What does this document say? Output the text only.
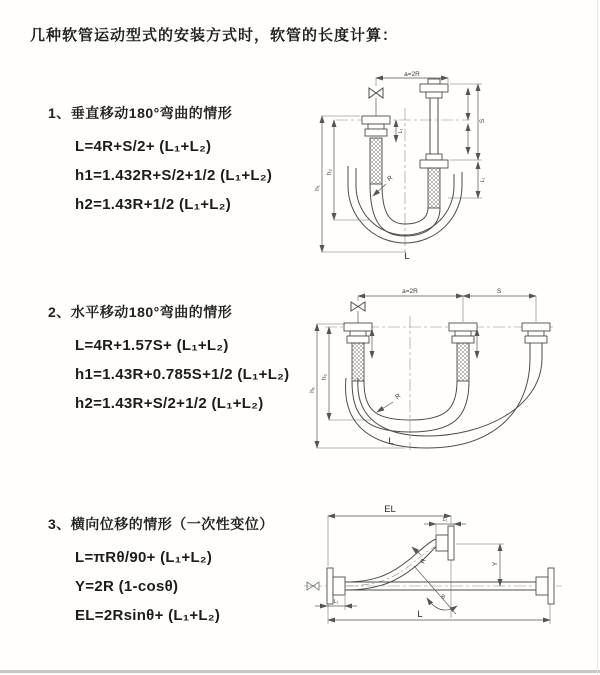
几种软管运动型式的安装方式时，软管的长度计算：
1、垂直移动180°弯曲的情形
L=4R+S/2+ (L₁+L₂)
h1=1.432R+S/2+1/2 (L₁+L₂)
h2=1.43R+1/2 (L₁+L₂)
2、水平移动180°弯曲的情形
L=4R+1.57S+ (L₁+L₂)
h1=1.43R+0.785S+1/2 (L₁+L₂)
h2=1.43R+S/2+1/2 (L₁+L₂)
3、横向位移的情形（一次性变位）
L=πRθ/90+ (L₁+L₂)
Y=2R (1-cosθ)
EL=2Rsinθ+ (L₁+L₂)
a=2R
h₁
h₂
L₁
S
L₁
R
L
a=2R	S
h₁
h₂
R
L
EL
L₁
Y
R
θ
L
L₁
